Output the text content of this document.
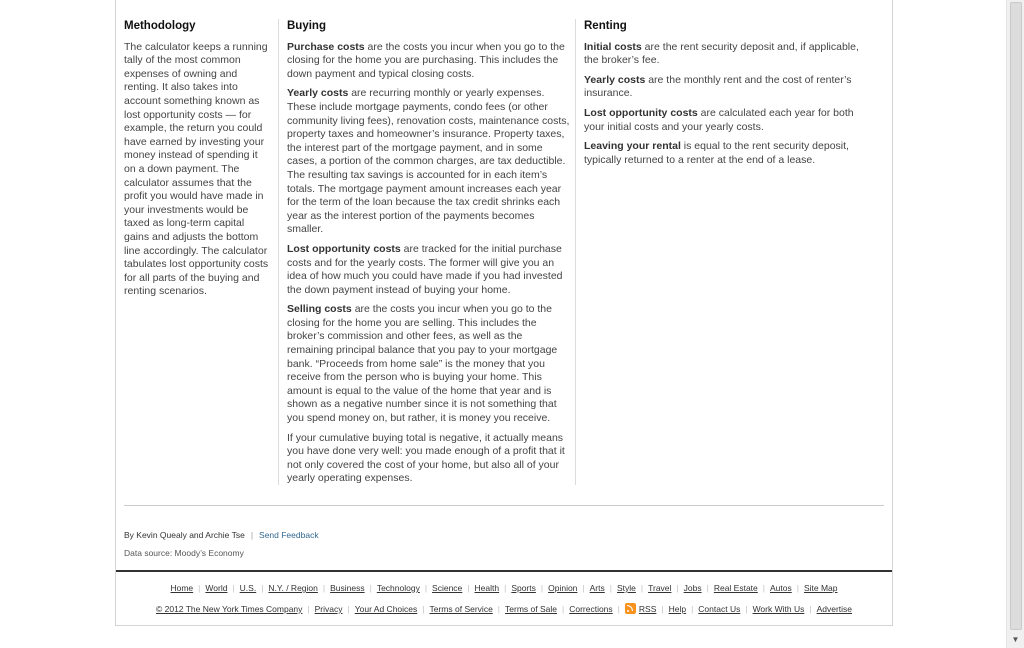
Methodology

The calculator keeps a running tally of the most common expenses of owning and renting. It also takes into account something known as lost opportunity costs — for example, the return you could have earned by investing your money instead of spending it on a down payment. The calculator assumes that the profit you would have made in your investments would be taxed as long-term capital gains and adjusts the bottom line accordingly. The calculator tabulates lost opportunity costs for all parts of the buying and renting scenarios.

Buying

Purchase costs are the costs you incur when you go to the closing for the home you are purchasing. This includes the down payment and typical closing costs.

Yearly costs are recurring monthly or yearly expenses. These include mortgage payments, condo fees (or other community living fees), renovation costs, maintenance costs, property taxes and homeowner’s insurance. Property taxes, the interest part of the mortgage payment, and in some cases, a portion of the common charges, are tax deductible. The resulting tax savings is accounted for in each item’s totals. The mortgage payment amount increases each year for the term of the loan because the tax credit shrinks each year as the interest portion of the payments becomes smaller.

Lost opportunity costs are tracked for the initial purchase costs and for the yearly costs. The former will give you an idea of how much you could have made if you had invested the down payment instead of buying your home.

Selling costs are the costs you incur when you go to the closing for the home you are selling. This includes the broker’s commission and other fees, as well as the remaining principal balance that you pay to your mortgage bank. “Proceeds from home sale” is the money that you receive from the person who is buying your home. This amount is equal to the value of the home that year and is shown as a negative number since it is not something that you spend money on, but rather, it is money you receive.

If your cumulative buying total is negative, it actually means you have done very well: you made enough of a profit that it not only covered the cost of your home, but also all of your yearly operating expenses.

Renting

Initial costs are the rent security deposit and, if applicable, the broker’s fee.

Yearly costs are the monthly rent and the cost of renter’s insurance.

Lost opportunity costs are calculated each year for both your initial costs and your yearly costs.

Leaving your rental is equal to the rent security deposit, typically returned to a renter at the end of a lease.

By Kevin Quealy and Archie Tse | Send Feedback
Data source: Moody’s Economy
Home | World | U.S. | N.Y. / Region | Business | Technology | Science | Health | Sports | Opinion | Arts | Style | Travel | Jobs | Real Estate | Autos | Site Map
© 2012 The New York Times Company | Privacy | Your Ad Choices | Terms of Service | Terms of Sale | Corrections | RSS | Help | Contact Us | Work With Us | Advertise
▼
